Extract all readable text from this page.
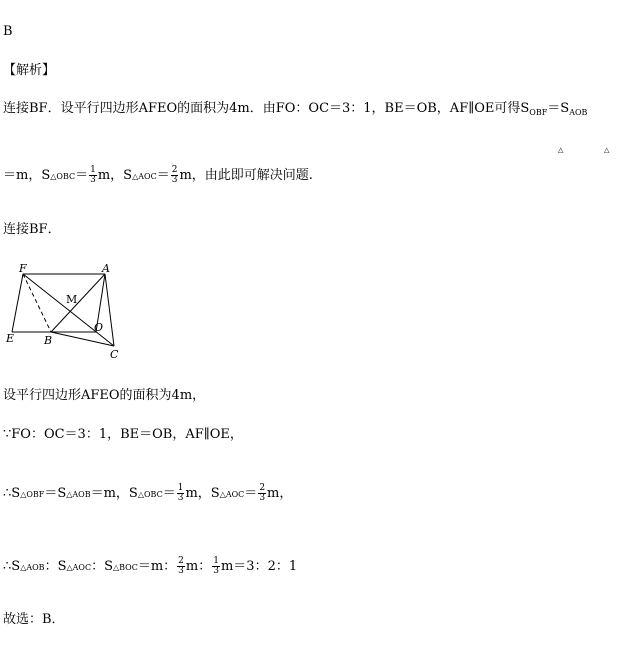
B
【解析】
连接BF．设平行四边形AFEO的面积为4m．由FO：OC＝3：1，BE＝OB，AF∥OE可得$S_{OBF}=S_{AOB}$
△	△
＝m，S△OBC＝ $\frac{1}{3}$ m，S△AOC＝ $\frac{2}{3}$ m，由此即可解决问题.
连接BF．
F	A
M
O
E	B
C
设平行四边形AFEO的面积为4m，
∵FO：OC＝3：1，BE＝OB，AF∥OE，
∴S△OBF＝S△AOB＝m，S△OBC＝ $\frac{1}{3}$ m，S△AOC＝ $\frac{2}{3}$ m，
∴S△AOB：S△AOC：S△BOC＝m： $\frac{2}{3}$ m： $\frac{1}{3} m=3$：2：1
故选：B．
